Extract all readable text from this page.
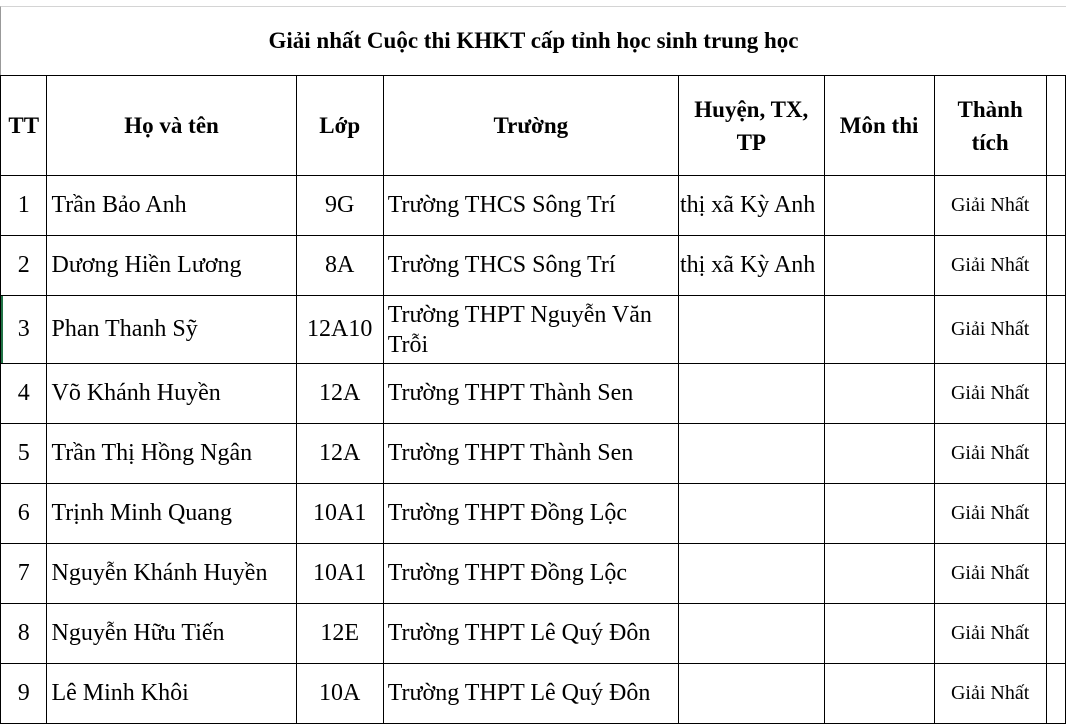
Giải nhất Cuộc thi KHKT cấp tỉnh học sinh trung học
TT	Họ và tên	Lớp	Trường	Huyện, TX, TP	Môn thi	Thành tích	
1	Trần Bảo Anh	9G	Trường THCS Sông Trí	thị xã Kỳ Anh		Giải Nhất	
2	Dương Hiền Lương	8A	Trường THCS Sông Trí	thị xã Kỳ Anh		Giải Nhất	
3	Phan Thanh Sỹ	12A10	Trường THPT Nguyễn Văn Trỗi			Giải Nhất	
4	Võ Khánh Huyền	12A	Trường THPT Thành Sen			Giải Nhất	
5	Trần Thị Hồng Ngân	12A	Trường THPT Thành Sen			Giải Nhất	
6	Trịnh Minh Quang	10A1	Trường THPT Đồng Lộc			Giải Nhất	
7	Nguyễn Khánh Huyền	10A1	Trường THPT Đồng Lộc			Giải Nhất	
8	Nguyễn Hữu Tiến	12E	Trường THPT Lê Quý Đôn			Giải Nhất	
9	Lê Minh Khôi	10A	Trường THPT Lê Quý Đôn			Giải Nhất	
